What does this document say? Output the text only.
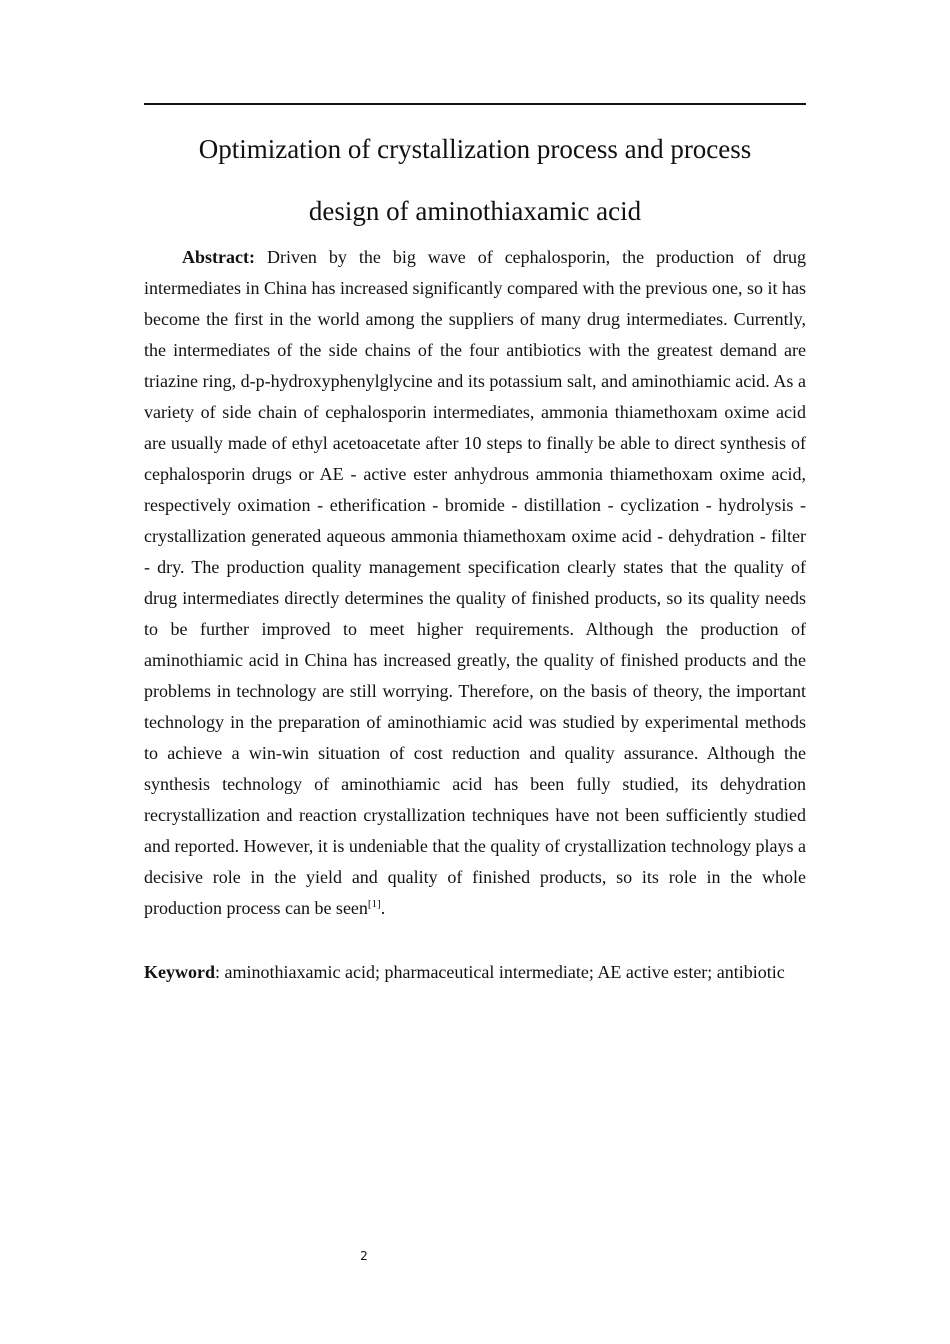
Optimization of crystallization process and process
design of aminothiaxamic acid

Abstract: Driven by the big wave of cephalosporin, the production of drug intermediates in China has increased significantly compared with the previous one, so it has become the first in the world among the suppliers of many drug intermediates. Currently, the intermediates of the side chains of the four antibiotics with the greatest demand are triazine ring, d-p-hydroxyphenylglycine and its potassium salt, and aminothiamic acid. As a variety of side chain of cephalosporin intermediates, ammonia thiamethoxam oxime acid are usually made of ethyl acetoacetate after 10 steps to finally be able to direct synthesis of cephalosporin drugs or AE - active ester anhydrous ammonia thiamethoxam oxime acid, respectively oximation - etherification - bromide - distillation - cyclization - hydrolysis - crystallization generated aqueous ammonia thiamethoxam oxime acid - dehydration - filter - dry. The production quality management specification clearly states that the quality of drug intermediates directly determines the quality of finished products, so its quality needs to be further improved to meet higher requirements. Although the production of aminothiamic acid in China has increased greatly, the quality of finished products and the problems in technology are still worrying. Therefore, on the basis of theory, the important technology in the preparation of aminothiamic acid was studied by experimental methods to achieve a win-win situation of cost reduction and quality assurance. Although the synthesis technology of aminothiamic acid has been fully studied, its dehydration recrystallization and reaction crystallization techniques have not been sufficiently studied and reported. However, it is undeniable that the quality of crystallization technology plays a decisive role in the yield and quality of finished products, so its role in the whole production process can be seen[1].

Keyword: aminothiaxamic acid; pharmaceutical intermediate; AE active ester; antibiotic

2
